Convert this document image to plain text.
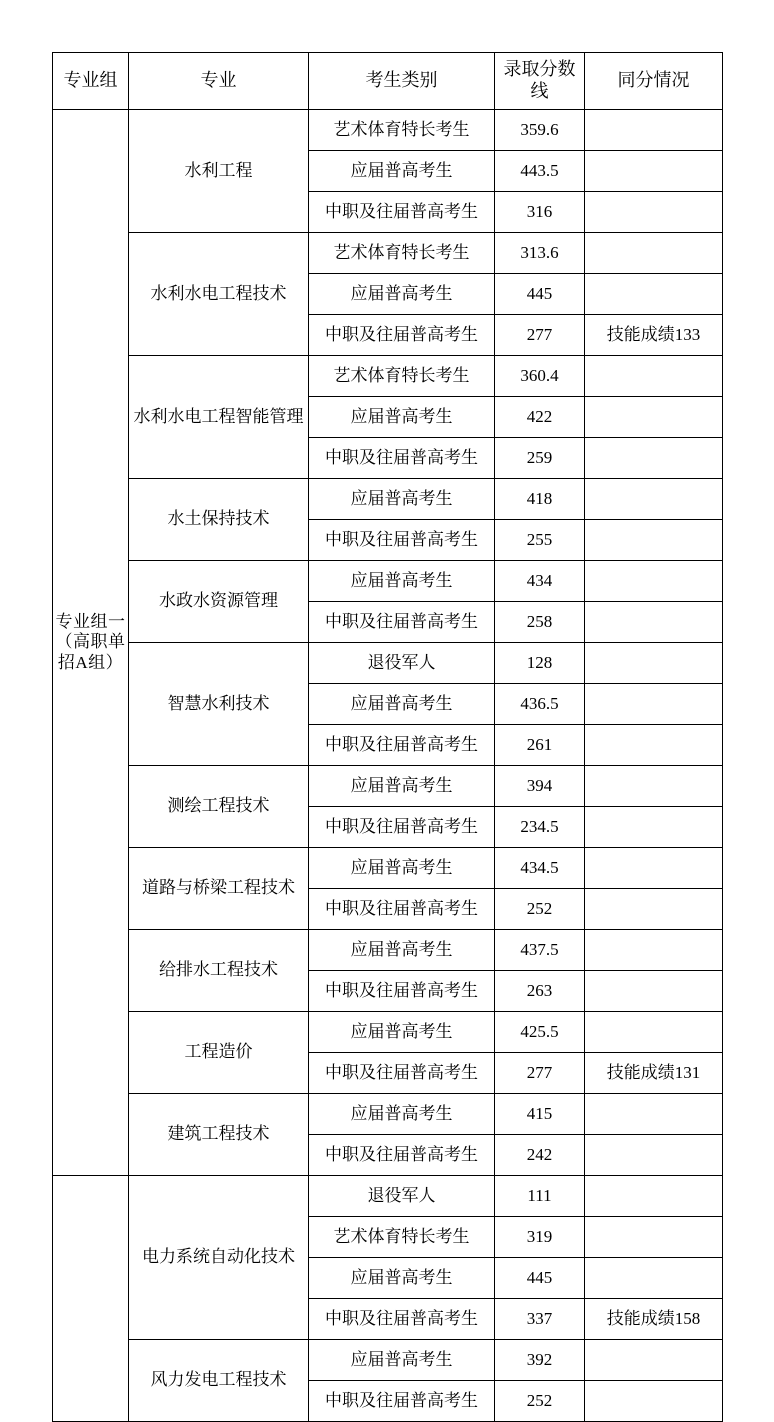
专业组	专业	考生类别	录取分数线	同分情况
专业组一（高职单招A组）	水利工程	艺术体育特长考生	359.6	
		应届普高考生	443.5	
		中职及往届普高考生	316	
	水利水电工程技术	艺术体育特长考生	313.6	
		应届普高考生	445	
		中职及往届普高考生	277	技能成绩133
	水利水电工程智能管理	艺术体育特长考生	360.4	
		应届普高考生	422	
		中职及往届普高考生	259	
	水土保持技术	应届普高考生	418	
		中职及往届普高考生	255	
	水政水资源管理	应届普高考生	434	
		中职及往届普高考生	258	
	智慧水利技术	退役军人	128	
		应届普高考生	436.5	
		中职及往届普高考生	261	
	测绘工程技术	应届普高考生	394	
		中职及往届普高考生	234.5	
	道路与桥梁工程技术	应届普高考生	434.5	
		中职及往届普高考生	252	
	给排水工程技术	应届普高考生	437.5	
		中职及往届普高考生	263	
	工程造价	应届普高考生	425.5	
		中职及往届普高考生	277	技能成绩131
	建筑工程技术	应届普高考生	415	
		中职及往届普高考生	242	
	电力系统自动化技术	退役军人	111	
		艺术体育特长考生	319	
		应届普高考生	445	
		中职及往届普高考生	337	技能成绩158
	风力发电工程技术	应届普高考生	392	
		中职及往届普高考生	252	
